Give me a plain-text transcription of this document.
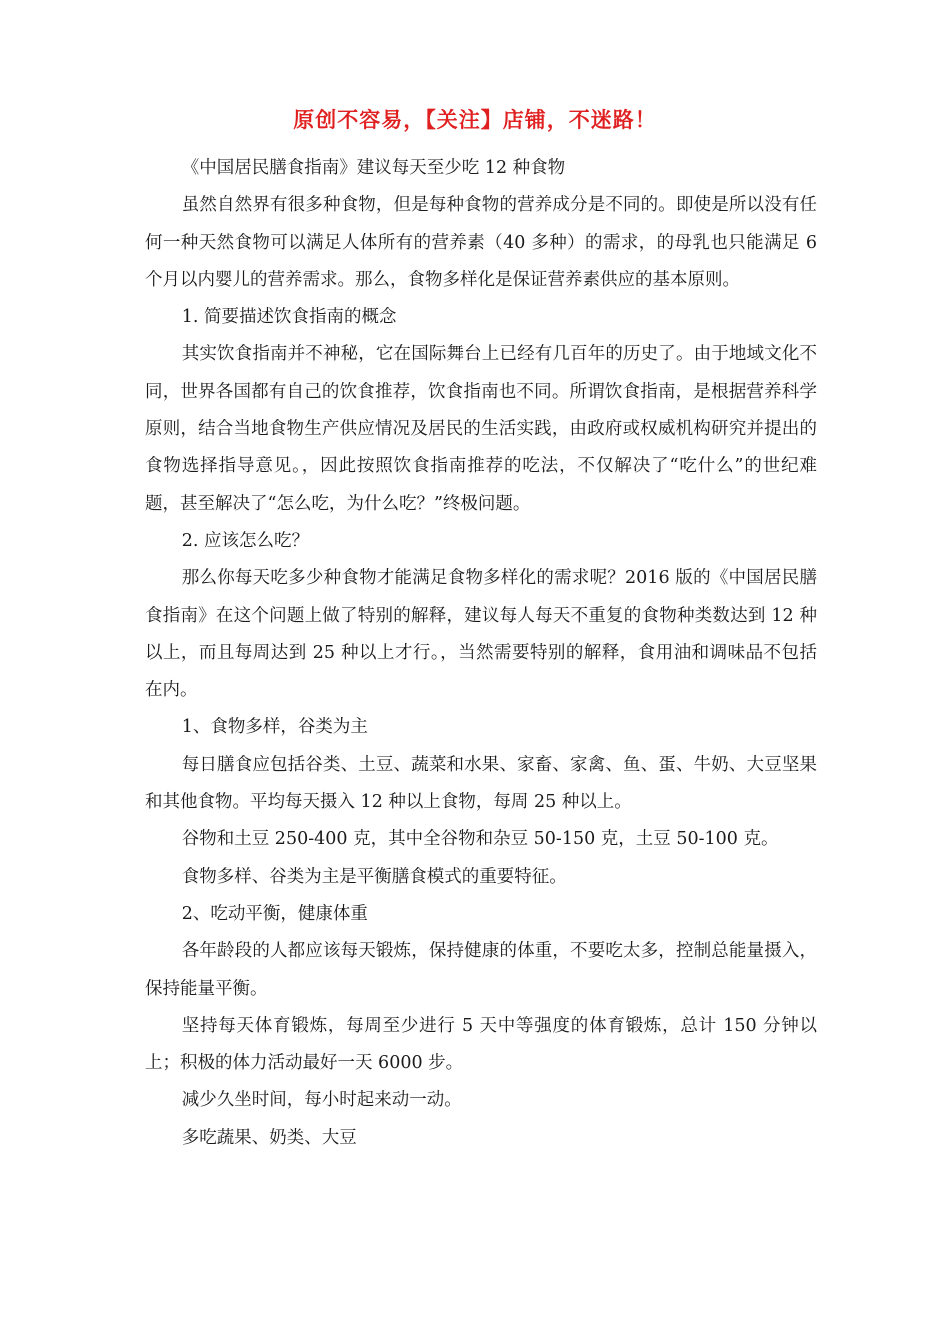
原创不容易，【关注】店铺，不迷路！

《中国居民膳食指南》建议每天至少吃 12 种食物

虽然自然界有很多种食物，但是每种食物的营养成分是不同的。即使是所以没有任何一种天然食物可以满足人体所有的营养素（40 多种）的需求，的母乳也只能满足 6 个月以内婴儿的营养需求。那么，食物多样化是保证营养素供应的基本原则。

1. 简要描述饮食指南的概念

其实饮食指南并不神秘，它在国际舞台上已经有几百年的历史了。由于地域文化不同，世界各国都有自己的饮食推荐，饮食指南也不同。所谓饮食指南，是根据营养科学原则，结合当地食物生产供应情况及居民的生活实践，由政府或权威机构研究并提出的食物选择指导意见。，因此按照饮食指南推荐的吃法，不仅解决了“吃什么”的世纪难题，甚至解决了“怎么吃，为什么吃？”终极问题。

2. 应该怎么吃？

那么你每天吃多少种食物才能满足食物多样化的需求呢？2016 版的《中国居民膳食指南》在这个问题上做了特别的解释，建议每人每天不重复的食物种类数达到 12 种以上，而且每周达到 25 种以上才行。，当然需要特别的解释，食用油和调味品不包括在内。

1、食物多样，谷类为主

每日膳食应包括谷类、土豆、蔬菜和水果、家畜、家禽、鱼、蛋、牛奶、大豆坚果和其他食物。平均每天摄入 12 种以上食物，每周 25 种以上。

谷物和土豆 250-400 克，其中全谷物和杂豆 50-150 克，土豆 50-100 克。

食物多样、谷类为主是平衡膳食模式的重要特征。

2、吃动平衡，健康体重

各年龄段的人都应该每天锻炼，保持健康的体重，不要吃太多，控制总能量摄入，保持能量平衡。

坚持每天体育锻炼，每周至少进行 5 天中等强度的体育锻炼，总计 150 分钟以上；积极的体力活动最好一天 6000 步。

减少久坐时间，每小时起来动一动。

多吃蔬果、奶类、大豆
